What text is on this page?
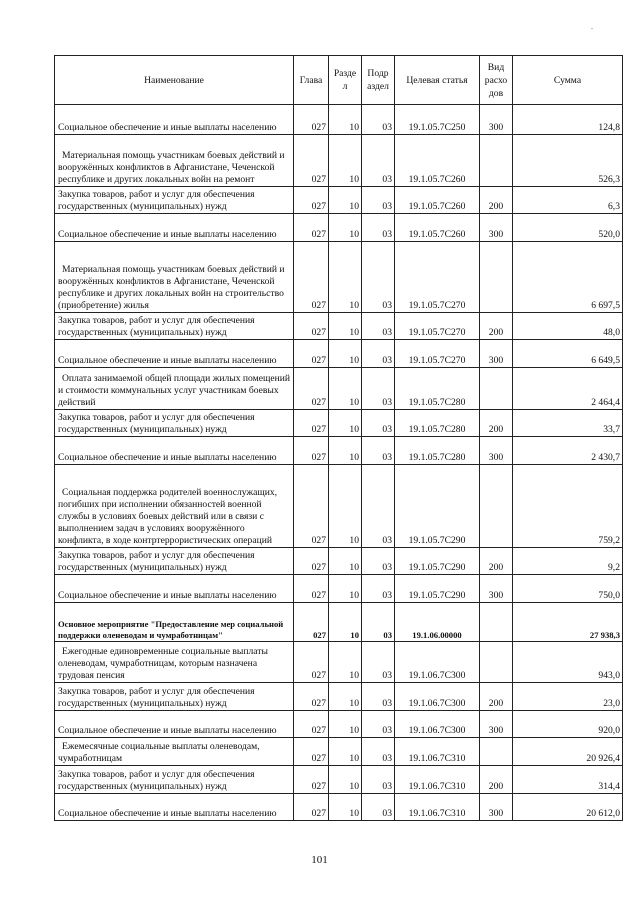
Наименование	Глава	Разде л	Подр аздел	Целевая статья	Вид расхо дов	Сумма
Социальное обеспечение и иные выплаты населению	027	10	03	19.1.05.7С250	300	124,8
Материальная помощь участникам боевых действий и вооружённых конфликтов в Афганистане, Чеченской республике и других локальных войн на ремонт	027	10	03	19.1.05.7С260		526,3
Закупка товаров, работ и услуг для обеспечения государственных (муниципальных) нужд	027	10	03	19.1.05.7С260	200	6,3
Социальное обеспечение и иные выплаты населению	027	10	03	19.1.05.7С260	300	520,0
Материальная помощь участникам боевых действий и вооружённых конфликтов в Афганистане, Чеченской республике и других локальных войн на строительство (приобретение) жилья	027	10	03	19.1.05.7С270		6 697,5
Закупка товаров, работ и услуг для обеспечения государственных (муниципальных) нужд	027	10	03	19.1.05.7С270	200	48,0
Социальное обеспечение и иные выплаты населению	027	10	03	19.1.05.7С270	300	6 649,5
Оплата занимаемой общей площади жилых помещений и стоимости коммунальных услуг участникам боевых действий	027	10	03	19.1.05.7С280		2 464,4
Закупка товаров, работ и услуг для обеспечения государственных (муниципальных) нужд	027	10	03	19.1.05.7С280	200	33,7
Социальное обеспечение и иные выплаты населению	027	10	03	19.1.05.7С280	300	2 430,7
Социальная поддержка родителей военнослужащих, погибших при исполнении обязанностей военной службы в условиях боевых действий или в связи с выполнением задач в условиях вооружённого конфликта, в ходе контртеррористических операций	027	10	03	19.1.05.7С290		759,2
Закупка товаров, работ и услуг для обеспечения государственных (муниципальных) нужд	027	10	03	19.1.05.7С290	200	9,2
Социальное обеспечение и иные выплаты населению	027	10	03	19.1.05.7С290	300	750,0
Основное мероприятие "Предоставление мер социальной поддержки оленеводам и чумработницам"	027	10	03	19.1.06.00000		27 938,3
Ежегодные единовременные социальные выплаты оленеводам, чумработницам, которым назначена трудовая пенсия	027	10	03	19.1.06.7С300		943,0
Закупка товаров, работ и услуг для обеспечения государственных (муниципальных) нужд	027	10	03	19.1.06.7С300	200	23,0
Социальное обеспечение и иные выплаты населению	027	10	03	19.1.06.7С300	300	920,0
Ежемесячные социальные выплаты оленеводам, чумработницам	027	10	03	19.1.06.7С310		20 926,4
Закупка товаров, работ и услуг для обеспечения государственных (муниципальных) нужд	027	10	03	19.1.06.7С310	200	314,4
Социальное обеспечение и иные выплаты населению	027	10	03	19.1.06.7С310	300	20 612,0
101
